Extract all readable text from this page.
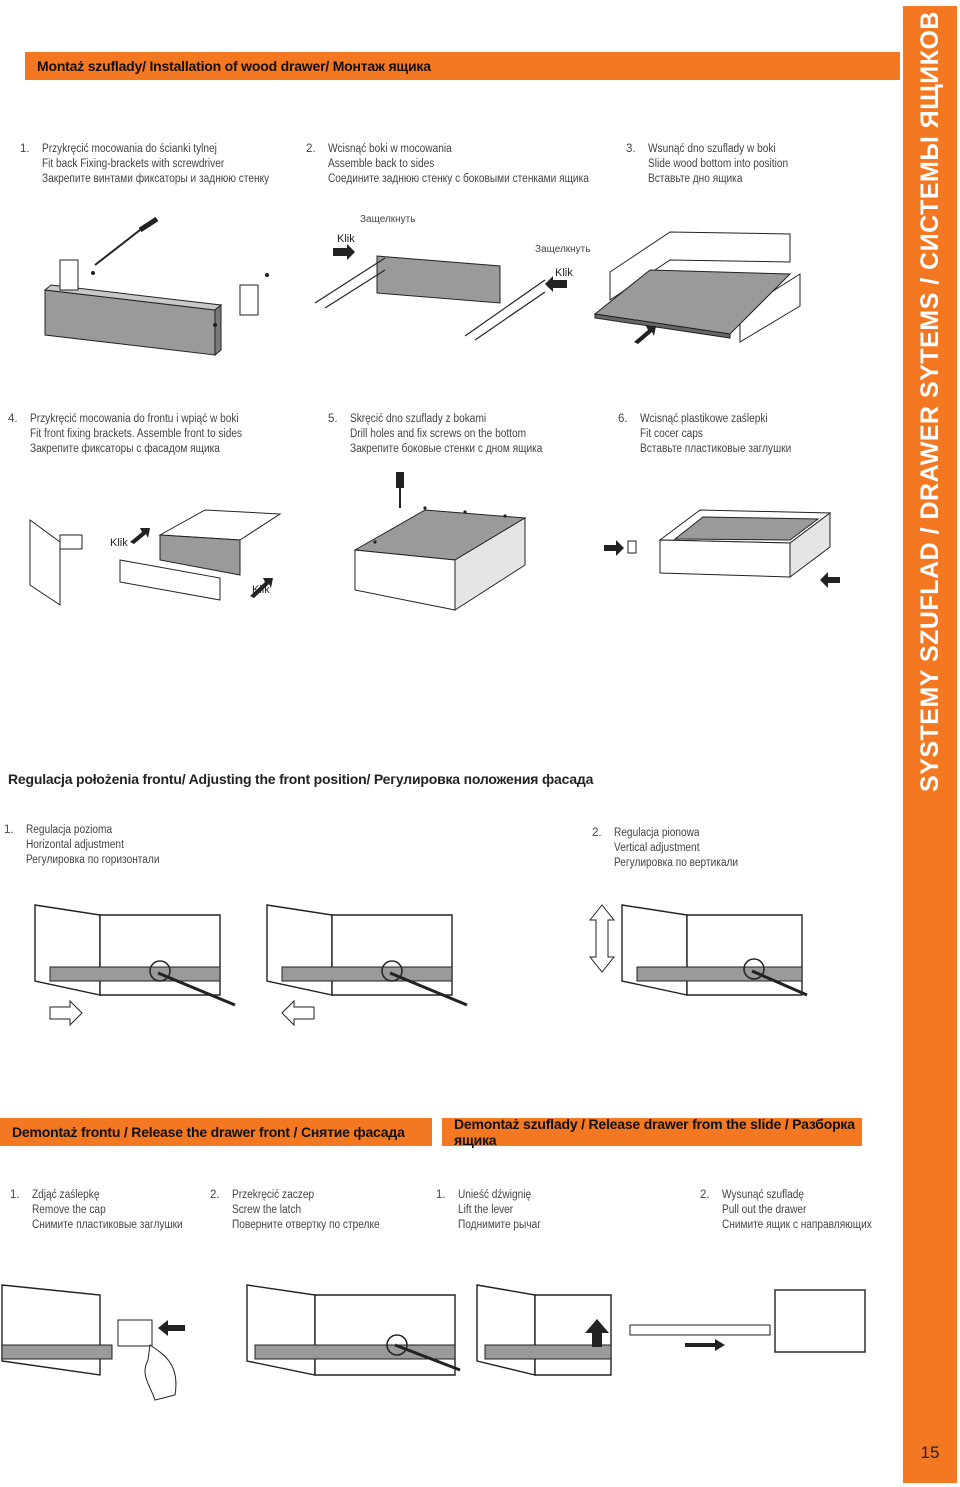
SYSTEMY SZUFLAD / DRAWER SYTEMS / СИСТЕМЫ ЯЩИКОВ
15
Montaż szuflady/ Installation of wood drawer/ Монтаж ящика
Regulacja położenia frontu/ Adjusting the front position/ Регулировка положения фасада
Demontaż frontu / Release the drawer front / Снятие фасада	Demontaż szuflady / Release drawer from the slide / Разборка ящика
1. Przykręcić mocowania do ścianki tylnej
Fit back Fixing-brackets with screwdriver
Закрепите винтами фиксаторы и заднюю стенку
2. Wcisnąć boki w mocowania
Assemble back to sides
Соедините заднюю стенку с боковыми стенками ящика
3. Wsunąć dno szuflady w boki
Slide wood bottom into position
Вставьте дно ящика
4. Przykręcić mocowania do frontu i wpiąć w boki
Fit front fixing brackets. Assemble front to sides
Закрепите фиксаторы с фасадом ящика
5. Skręcić dno szuflady z bokami
Drill holes and fix screws on the bottom
Закрепите боковые стенки с дном ящика
6. Wcisnąć plastikowe zaślepki
Fit cocer caps
Вставьте пластиковые заглушки
1. Regulacja pozioma
Horizontal adjustment
Регулировка по горизонтали
2. Regulacja pionowa
Vertical adjustment
Регулировка по вертикали
1. Zdjąć zaślepkę
Remove the cap
Снимите пластиковые заглушки
2. Przekręcić zaczep
Screw the latch
Поверните отвертку по стрелке
1. Unieść dźwignię
Lift the lever
Поднимите рычаг
2. Wysunąć szufladę
Pull out the drawer
Снимите ящик с направляющих
Klik
Klik
Защелкнуть
Защелкнуть
Klik
Klik
